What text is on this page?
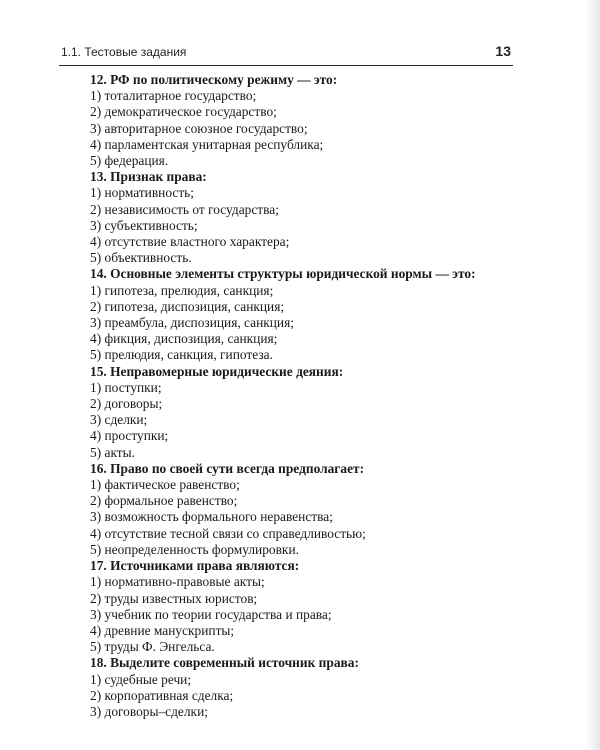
1.1. Тестовые задания	13

12. РФ по политическому режиму — это:

1) тоталитарное государство;

2) демократическое государство;

3) авторитарное союзное государство;

4) парламентская унитарная республика;

5) федерация.

13. Признак права:

1) нормативность;

2) независимость от государства;

3) субъективность;

4) отсутствие властного характера;

5) объективность.

14. Основные элементы структуры юридической нормы — это:

1) гипотеза, прелюдия, санкция;

2) гипотеза, диспозиция, санкция;

3) преамбула, диспозиция, санкция;

4) фикция, диспозиция, санкция;

5) прелюдия, санкция, гипотеза.

15. Неправомерные юридические деяния:

1) поступки;

2) договоры;

3) сделки;

4) проступки;

5) акты.

16. Право по своей сути всегда предполагает:

1) фактическое равенство;

2) формальное равенство;

3) возможность формального неравенства;

4) отсутствие тесной связи со справедливостью;

5) неопределенность формулировки.

17. Источниками права являются:

1) нормативно-правовые акты;

2) труды известных юристов;

3) учебник по теории государства и права;

4) древние манускрипты;

5) труды Ф. Энгельса.

18. Выделите современный источник права:

1) судебные речи;

2) корпоративная сделка;

3) договоры–сделки;
